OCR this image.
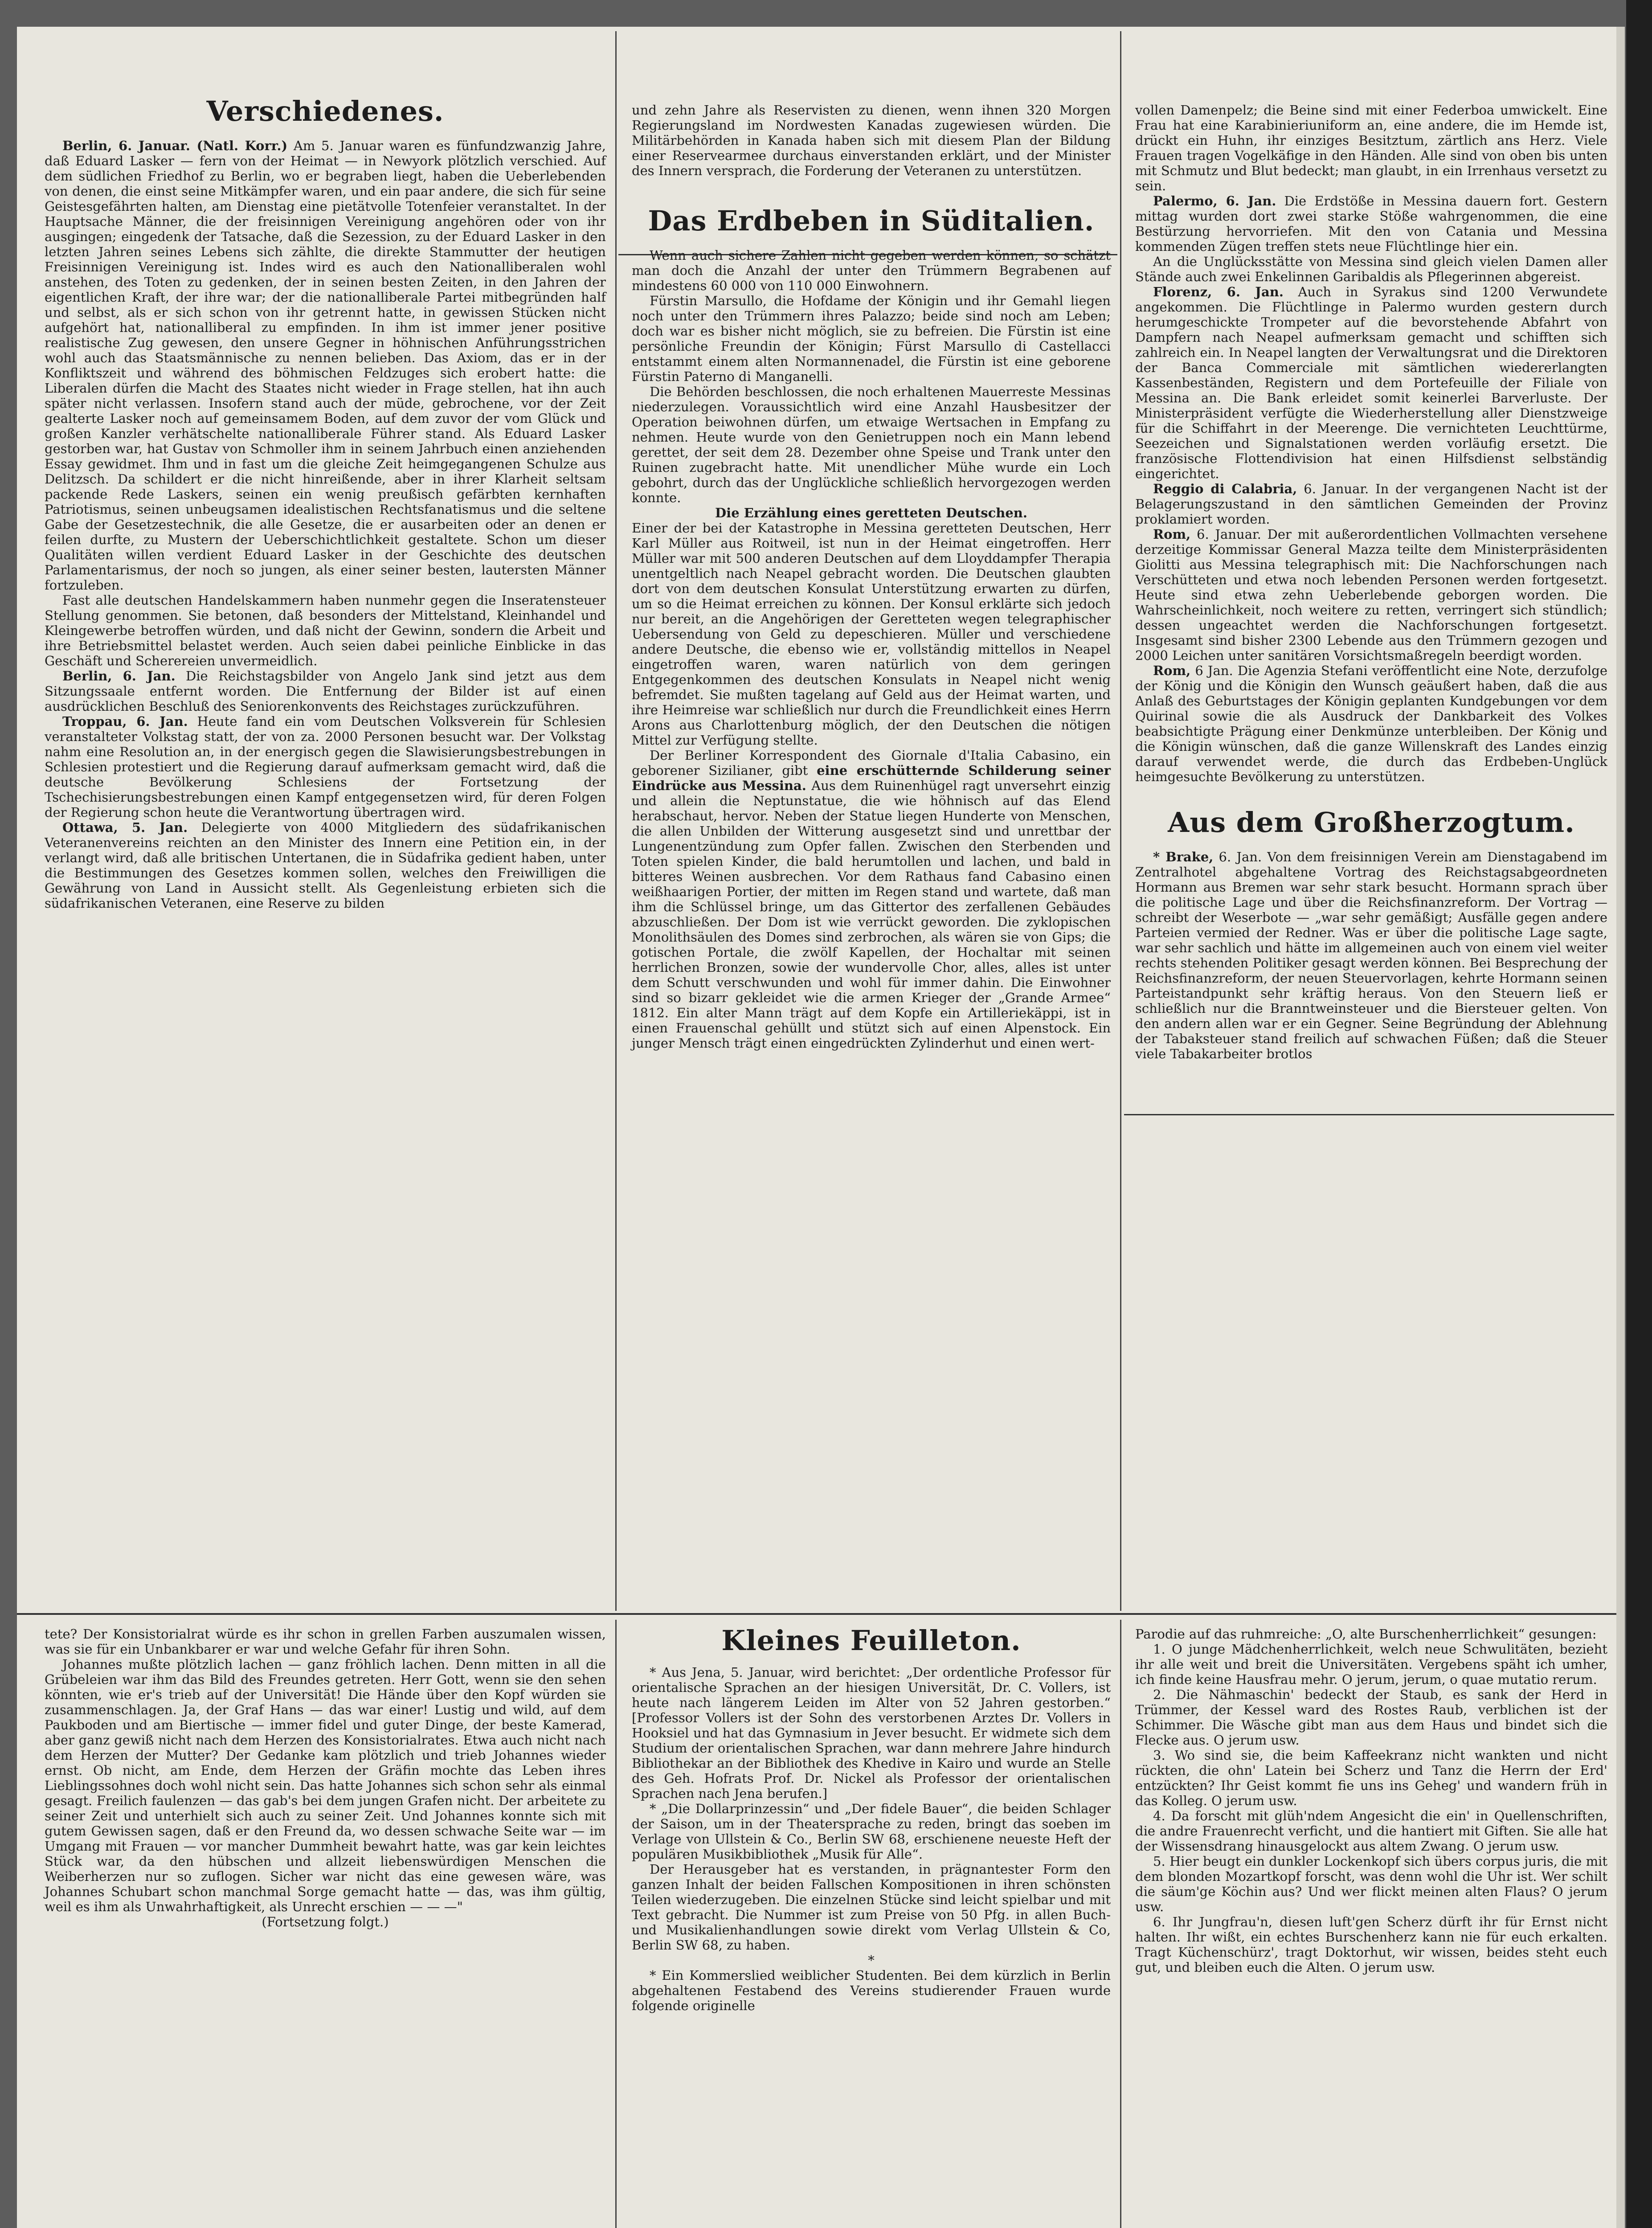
Verschiedenes.

Berlin, 6. Januar. (Natl. Korr.) Am 5. Januar waren es fünfundzwanzig Jahre, daß Eduard Lasker — fern von der Heimat — in Newyork plötzlich verschied. Auf dem südlichen Friedhof zu Berlin, wo er begraben liegt, haben die Ueberlebenden von denen, die einst seine Mitkämpfer waren, und ein paar andere, die sich für seine Geistesgefährten halten, am Dienstag eine pietätvolle Totenfeier veranstaltet. In der Hauptsache Männer, die der freisinnigen Vereinigung angehören oder von ihr ausgingen; eingedenk der Tatsache, daß die Sezession, zu der Eduard Lasker in den letzten Jahren seines Lebens sich zählte, die direkte Stammutter der heutigen Freisinnigen Vereinigung ist. Indes wird es auch den Nationalliberalen wohl anstehen, des Toten zu gedenken, der in seinen besten Zeiten, in den Jahren der eigentlichen Kraft, der ihre war; der die nationalliberale Partei mitbegründen half und selbst, als er sich schon von ihr getrennt hatte, in gewissen Stücken nicht aufgehört hat, nationalliberal zu empfinden. In ihm ist immer jener positive realistische Zug gewesen, den unsere Gegner in höhnischen Anführungsstrichen wohl auch das Staatsmännische zu nennen belieben. Das Axiom, das er in der Konfliktszeit und während des böhmischen Feldzuges sich erobert hatte: die Liberalen dürfen die Macht des Staates nicht wieder in Frage stellen, hat ihn auch später nicht verlassen. Insofern stand auch der müde, gebrochene, vor der Zeit gealterte Lasker noch auf gemeinsamem Boden, auf dem zuvor der vom Glück und großen Kanzler verhätschelte nationalliberale Führer stand. Als Eduard Lasker gestorben war, hat Gustav von Schmoller ihm in seinem Jahrbuch einen anziehenden Essay gewidmet. Ihm und in fast um die gleiche Zeit heimgegangenen Schulze aus Delitzsch. Da schildert er die nicht hinreißende, aber in ihrer Klarheit seltsam packende Rede Laskers, seinen ein wenig preußisch gefärbten kernhaften Patriotismus, seinen unbeugsamen idealistischen Rechtsfanatismus und die seltene Gabe der Gesetzestechnik, die alle Gesetze, die er ausarbeiten oder an denen er feilen durfte, zu Mustern der Ueberschichtlichkeit gestaltete. Schon um dieser Qualitäten willen verdient Eduard Lasker in der Geschichte des deutschen Parlamentarismus, der noch so jungen, als einer seiner besten, lautersten Männer fortzuleben.

Fast alle deutschen Handelskammern haben nunmehr gegen die Inseratensteuer Stellung genommen. Sie betonen, daß besonders der Mittelstand, Kleinhandel und Kleingewerbe betroffen würden, und daß nicht der Gewinn, sondern die Arbeit und ihre Betriebsmittel belastet werden. Auch seien dabei peinliche Einblicke in das Geschäft und Scherereien unvermeidlich.

Berlin, 6. Jan. Die Reichstagsbilder von Angelo Jank sind jetzt aus dem Sitzungssaale entfernt worden. Die Entfernung der Bilder ist auf einen ausdrücklichen Beschluß des Seniorenkonvents des Reichstages zurückzuführen.

Troppau, 6. Jan. Heute fand ein vom Deutschen Volksverein für Schlesien veranstalteter Volkstag statt, der von za. 2000 Personen besucht war. Der Volkstag nahm eine Resolution an, in der energisch gegen die Slawisierungsbestrebungen in Schlesien protestiert und die Regierung darauf aufmerksam gemacht wird, daß die deutsche Bevölkerung Schlesiens der Fortsetzung der Tschechisierungsbestrebungen einen Kampf entgegensetzen wird, für deren Folgen der Regierung schon heute die Verantwortung übertragen wird.

Ottawa, 5. Jan. Delegierte von 4000 Mitgliedern des südafrikanischen Veteranenvereins reichten an den Minister des Innern eine Petition ein, in der verlangt wird, daß alle britischen Untertanen, die in Südafrika gedient haben, unter die Bestimmungen des Gesetzes kommen sollen, welches den Freiwilligen die Gewährung von Land in Aussicht stellt. Als Gegenleistung erbieten sich die südafrikanischen Veteranen, eine Reserve zu bilden

und zehn Jahre als Reservisten zu dienen, wenn ihnen 320 Morgen Regierungsland im Nordwesten Kanadas zugewiesen würden. Die Militärbehörden in Kanada haben sich mit diesem Plan der Bildung einer Reservearmee durchaus einverstanden erklärt, und der Minister des Innern versprach, die Forderung der Veteranen zu unterstützen.

Das Erdbeben in Süditalien.

Wenn auch sichere Zahlen nicht gegeben werden können, so schätzt man doch die Anzahl der unter den Trümmern Begrabenen auf mindestens 60 000 von 110 000 Einwohnern.

Fürstin Marsullo, die Hofdame der Königin und ihr Gemahl liegen noch unter den Trümmern ihres Palazzo; beide sind noch am Leben; doch war es bisher nicht möglich, sie zu befreien. Die Fürstin ist eine persönliche Freundin der Königin; Fürst Marsullo di Castellacci entstammt einem alten Normannenadel, die Fürstin ist eine geborene Fürstin Paterno di Manganelli.

Die Behörden beschlossen, die noch erhaltenen Mauerreste Messinas niederzulegen. Voraussichtlich wird eine Anzahl Hausbesitzer der Operation beiwohnen dürfen, um etwaige Wertsachen in Empfang zu nehmen. Heute wurde von den Genietruppen noch ein Mann lebend gerettet, der seit dem 28. Dezember ohne Speise und Trank unter den Ruinen zugebracht hatte. Mit unendlicher Mühe wurde ein Loch gebohrt, durch das der Unglückliche schließlich hervorgezogen werden konnte.

Die Erzählung eines geretteten Deutschen.

Einer der bei der Katastrophe in Messina geretteten Deutschen, Herr Karl Müller aus Roitweil, ist nun in der Heimat eingetroffen. Herr Müller war mit 500 anderen Deutschen auf dem Lloyddampfer Therapia unentgeltlich nach Neapel gebracht worden. Die Deutschen glaubten dort von dem deutschen Konsulat Unterstützung erwarten zu dürfen, um so die Heimat erreichen zu können. Der Konsul erklärte sich jedoch nur bereit, an die Angehörigen der Geretteten wegen telegraphischer Uebersendung von Geld zu depeschieren. Müller und verschiedene andere Deutsche, die ebenso wie er, vollständig mittellos in Neapel eingetroffen waren, waren natürlich von dem geringen Entgegenkommen des deutschen Konsulats in Neapel nicht wenig befremdet. Sie mußten tagelang auf Geld aus der Heimat warten, und ihre Heimreise war schließlich nur durch die Freundlichkeit eines Herrn Arons aus Charlottenburg möglich, der den Deutschen die nötigen Mittel zur Verfügung stellte.

Der Berliner Korrespondent des Giornale d'Italia Cabasino, ein geborener Sizilianer, gibt eine erschütternde Schilderung seiner Eindrücke aus Messina. Aus dem Ruinenhügel ragt unversehrt einzig und allein die Neptunstatue, die wie höhnisch auf das Elend herabschaut, hervor. Neben der Statue liegen Hunderte von Menschen, die allen Unbilden der Witterung ausgesetzt sind und unrettbar der Lungenentzündung zum Opfer fallen. Zwischen den Sterbenden und Toten spielen Kinder, die bald herumtollen und lachen, und bald in bitteres Weinen ausbrechen. Vor dem Rathaus fand Cabasino einen weißhaarigen Portier, der mitten im Regen stand und wartete, daß man ihm die Schlüssel bringe, um das Gittertor des zerfallenen Gebäudes abzuschließen. Der Dom ist wie verrückt geworden. Die zyklopischen Monolithsäulen des Domes sind zerbrochen, als wären sie von Gips; die gotischen Portale, die zwölf Kapellen, der Hochaltar mit seinen herrlichen Bronzen, sowie der wundervolle Chor, alles, alles ist unter dem Schutt verschwunden und wohl für immer dahin. Die Einwohner sind so bizarr gekleidet wie die armen Krieger der „Grande Armee“ 1812. Ein alter Mann trägt auf dem Kopfe ein Artilleriekäppi, ist in einen Frauenschal gehüllt und stützt sich auf einen Alpenstock. Ein junger Mensch trägt einen eingedrückten Zylinderhut und einen wert-

vollen Damenpelz; die Beine sind mit einer Federboa umwickelt. Eine Frau hat eine Karabinieriuniform an, eine andere, die im Hemde ist, drückt ein Huhn, ihr einziges Besitztum, zärtlich ans Herz. Viele Frauen tragen Vogelkäfige in den Händen. Alle sind von oben bis unten mit Schmutz und Blut bedeckt; man glaubt, in ein Irrenhaus versetzt zu sein.

Palermo, 6. Jan. Die Erdstöße in Messina dauern fort. Gestern mittag wurden dort zwei starke Stöße wahrgenommen, die eine Bestürzung hervorriefen. Mit den von Catania und Messina kommenden Zügen treffen stets neue Flüchtlinge hier ein.

An die Unglücksstätte von Messina sind gleich vielen Damen aller Stände auch zwei Enkelinnen Garibaldis als Pflegerinnen abgereist.

Florenz, 6. Jan. Auch in Syrakus sind 1200 Verwundete angekommen. Die Flüchtlinge in Palermo wurden gestern durch herumgeschickte Trompeter auf die bevorstehende Abfahrt von Dampfern nach Neapel aufmerksam gemacht und schifften sich zahlreich ein. In Neapel langten der Verwaltungsrat und die Direktoren der Banca Commerciale mit sämtlichen wiedererlangten Kassenbeständen, Registern und dem Portefeuille der Filiale von Messina an. Die Bank erleidet somit keinerlei Barverluste. Der Ministerpräsident verfügte die Wiederherstellung aller Dienstzweige für die Schiffahrt in der Meerenge. Die vernichteten Leuchttürme, Seezeichen und Signalstationen werden vorläufig ersetzt. Die französische Flottendivision hat einen Hilfsdienst selbständig eingerichtet.

Reggio di Calabria, 6. Januar. In der vergangenen Nacht ist der Belagerungszustand in den sämtlichen Gemeinden der Provinz proklamiert worden.

Rom, 6. Januar. Der mit außerordentlichen Vollmachten versehene derzeitige Kommissar General Mazza teilte dem Ministerpräsidenten Giolitti aus Messina telegraphisch mit: Die Nachforschungen nach Verschütteten und etwa noch lebenden Personen werden fortgesetzt. Heute sind etwa zehn Ueberlebende geborgen worden. Die Wahrscheinlichkeit, noch weitere zu retten, verringert sich stündlich; dessen ungeachtet werden die Nachforschungen fortgesetzt. Insgesamt sind bisher 2300 Lebende aus den Trümmern gezogen und 2000 Leichen unter sanitären Vorsichtsmaßregeln beerdigt worden.

Rom, 6 Jan. Die Agenzia Stefani veröffentlicht eine Note, derzufolge der König und die Königin den Wunsch geäußert haben, daß die aus Anlaß des Geburtstages der Königin geplanten Kundgebungen vor dem Quirinal sowie die als Ausdruck der Dankbarkeit des Volkes beabsichtigte Prägung einer Denkmünze unterbleiben. Der König und die Königin wünschen, daß die ganze Willenskraft des Landes einzig darauf verwendet werde, die durch das Erdbeben-Unglück heimgesuchte Bevölkerung zu unterstützen.

Aus dem Großherzogtum.

* Brake, 6. Jan. Von dem freisinnigen Verein am Dienstagabend im Zentralhotel abgehaltene Vortrag des Reichstagsabgeordneten Hormann aus Bremen war sehr stark besucht. Hormann sprach über die politische Lage und über die Reichsfinanzreform. Der Vortrag — schreibt der Weserbote — „war sehr gemäßigt; Ausfälle gegen andere Parteien vermied der Redner. Was er über die politische Lage sagte, war sehr sachlich und hätte im allgemeinen auch von einem viel weiter rechts stehenden Politiker gesagt werden können. Bei Besprechung der Reichsfinanzreform, der neuen Steuervorlagen, kehrte Hormann seinen Parteistandpunkt sehr kräftig heraus. Von den Steuern ließ er schließlich nur die Branntweinsteuer und die Biersteuer gelten. Von den andern allen war er ein Gegner. Seine Begründung der Ablehnung der Tabaksteuer stand freilich auf schwachen Füßen; daß die Steuer viele Tabakarbeiter brotlos

tete? Der Konsistorialrat würde es ihr schon in grellen Farben auszumalen wissen, was sie für ein Unbankbarer er war und welche Gefahr für ihren Sohn.

Johannes mußte plötzlich lachen — ganz fröhlich lachen. Denn mitten in all die Grübeleien war ihm das Bild des Freundes getreten. Herr Gott, wenn sie den sehen könnten, wie er's trieb auf der Universität! Die Hände über den Kopf würden sie zusammenschlagen. Ja, der Graf Hans — das war einer! Lustig und wild, auf dem Paukboden und am Biertische — immer fidel und guter Dinge, der beste Kamerad, aber ganz gewiß nicht nach dem Herzen des Konsistorialrates. Etwa auch nicht nach dem Herzen der Mutter? Der Gedanke kam plötzlich und trieb Johannes wieder ernst. Ob nicht, am Ende, dem Herzen der Gräfin mochte das Leben ihres Lieblingssohnes doch wohl nicht sein. Das hatte Johannes sich schon sehr als einmal gesagt. Freilich faulenzen — das gab's bei dem jungen Grafen nicht. Der arbeitete zu seiner Zeit und unterhielt sich auch zu seiner Zeit. Und Johannes konnte sich mit gutem Gewissen sagen, daß er den Freund da, wo dessen schwache Seite war — im Umgang mit Frauen — vor mancher Dummheit bewahrt hatte, was gar kein leichtes Stück war, da den hübschen und allzeit liebenswürdigen Menschen die Weiberherzen nur so zuflogen. Sicher war nicht das eine gewesen wäre, was Johannes Schubart schon manchmal Sorge gemacht hatte — das, was ihm gültig, weil es ihm als Unwahrhaftigkeit, als Unrecht erschien — — —"

(Fortsetzung folgt.)

Kleines Feuilleton.

* Aus Jena, 5. Januar, wird berichtet: „Der ordentliche Professor für orientalische Sprachen an der hiesigen Universität, Dr. C. Vollers, ist heute nach längerem Leiden im Alter von 52 Jahren gestorben.“ [Professor Vollers ist der Sohn des verstorbenen Arztes Dr. Vollers in Hooksiel und hat das Gymnasium in Jever besucht. Er widmete sich dem Studium der orientalischen Sprachen, war dann mehrere Jahre hindurch Bibliothekar an der Bibliothek des Khedive in Kairo und wurde an Stelle des Geh. Hofrats Prof. Dr. Nickel als Professor der orientalischen Sprachen nach Jena berufen.]

* „Die Dollarprinzessin“ und „Der fidele Bauer“, die beiden Schlager der Saison, um in der Theatersprache zu reden, bringt das soeben im Verlage von Ullstein & Co., Berlin SW 68, erschienene neueste Heft der populären Musikbibliothek „Musik für Alle“.

Der Herausgeber hat es verstanden, in prägnantester Form den ganzen Inhalt der beiden Fallschen Kompositionen in ihren schönsten Teilen wiederzugeben. Die einzelnen Stücke sind leicht spielbar und mit Text gebracht. Die Nummer ist zum Preise von 50 Pfg. in allen Buch- und Musikalienhandlungen sowie direkt vom Verlag Ullstein & Co, Berlin SW 68, zu haben.

*

* Ein Kommerslied weiblicher Studenten. Bei dem kürzlich in Berlin abgehaltenen Festabend des Vereins studierender Frauen wurde folgende originelle

Parodie auf das ruhmreiche: „O, alte Burschenherrlichkeit“ gesungen:

1. O junge Mädchenherrlichkeit, welch neue Schwulitäten, bezieht ihr alle weit und breit die Universitäten. Vergebens späht ich umher, ich finde keine Hausfrau mehr. O jerum, jerum, o quae mutatio rerum.

2. Die Nähmaschin' bedeckt der Staub, es sank der Herd in Trümmer, der Kessel ward des Rostes Raub, verblichen ist der Schimmer. Die Wäsche gibt man aus dem Haus und bindet sich die Flecke aus. O jerum usw.

3. Wo sind sie, die beim Kaffeekranz nicht wankten und nicht rückten, die ohn' Latein bei Scherz und Tanz die Herrn der Erd' entzückten? Ihr Geist kommt fie uns ins Geheg' und wandern früh in das Kolleg. O jerum usw.

4. Da forscht mit glüh'ndem Angesicht die ein' in Quellenschriften, die andre Frauenrecht verficht, und die hantiert mit Giften. Sie alle hat der Wissensdrang hinausgelockt aus altem Zwang. O jerum usw.

5. Hier beugt ein dunkler Lockenkopf sich übers corpus juris, die mit dem blonden Mozartkopf forscht, was denn wohl die Uhr ist. Wer schilt die säum'ge Köchin aus? Und wer flickt meinen alten Flaus? O jerum usw.

6. Ihr Jungfrau'n, diesen luft'gen Scherz dürft ihr für Ernst nicht halten. Ihr wißt, ein echtes Burschenherz kann nie für euch erkalten. Tragt Küchenschürz', tragt Doktorhut, wir wissen, beides steht euch gut, und bleiben euch die Alten. O jerum usw.
